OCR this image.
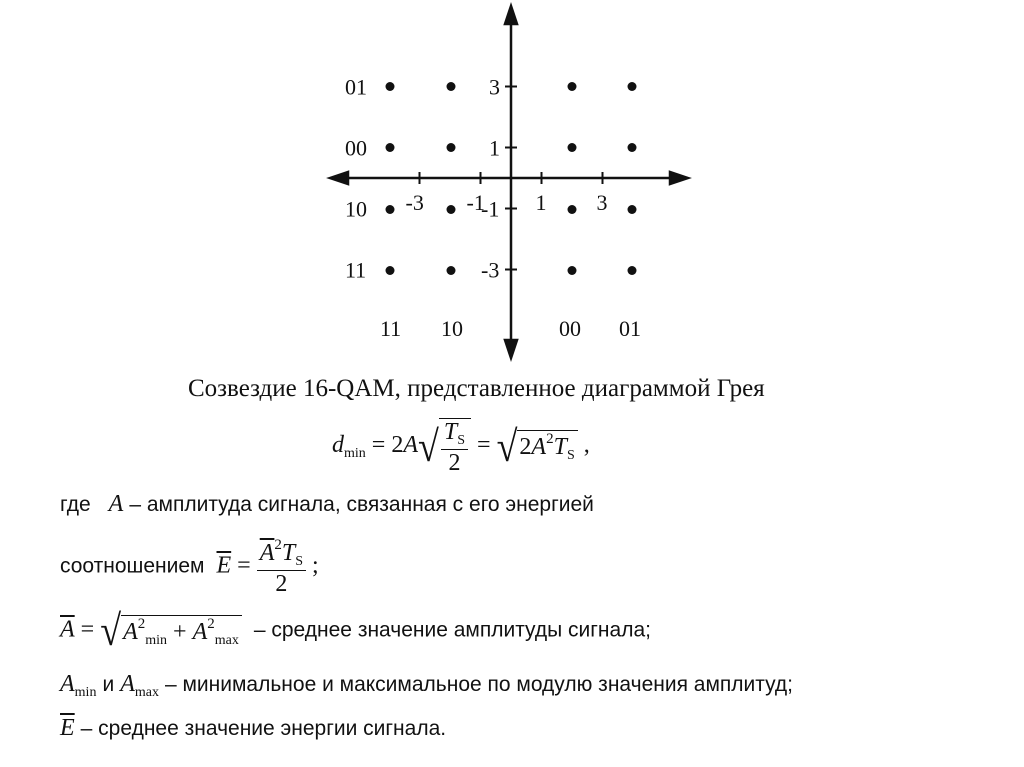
-3 -1 1 3
3
1
-1
-3
01
00
10
11
11 10	00 01
Созвездие 16-QAM, представленное диаграммой Грея
$d_{min} = 2A√ \frac{T_S}{2} = √2A^2T_S$ ,
где A – амплитуда сигнала, связанная с его энергией
соотношением $\overline{E} = \frac{\overline{A}^2T_S}{2}$ ;
$\overline{A} = √A^2_{min} + A^2_{max}$ – среднее значение амплитуды сигнала;
$A_{min}$ и $A_{max}$ – минимальное и максимальное по модулю значения амплитуд;
$\overline{E}$ – среднее значение энергии сигнала.
